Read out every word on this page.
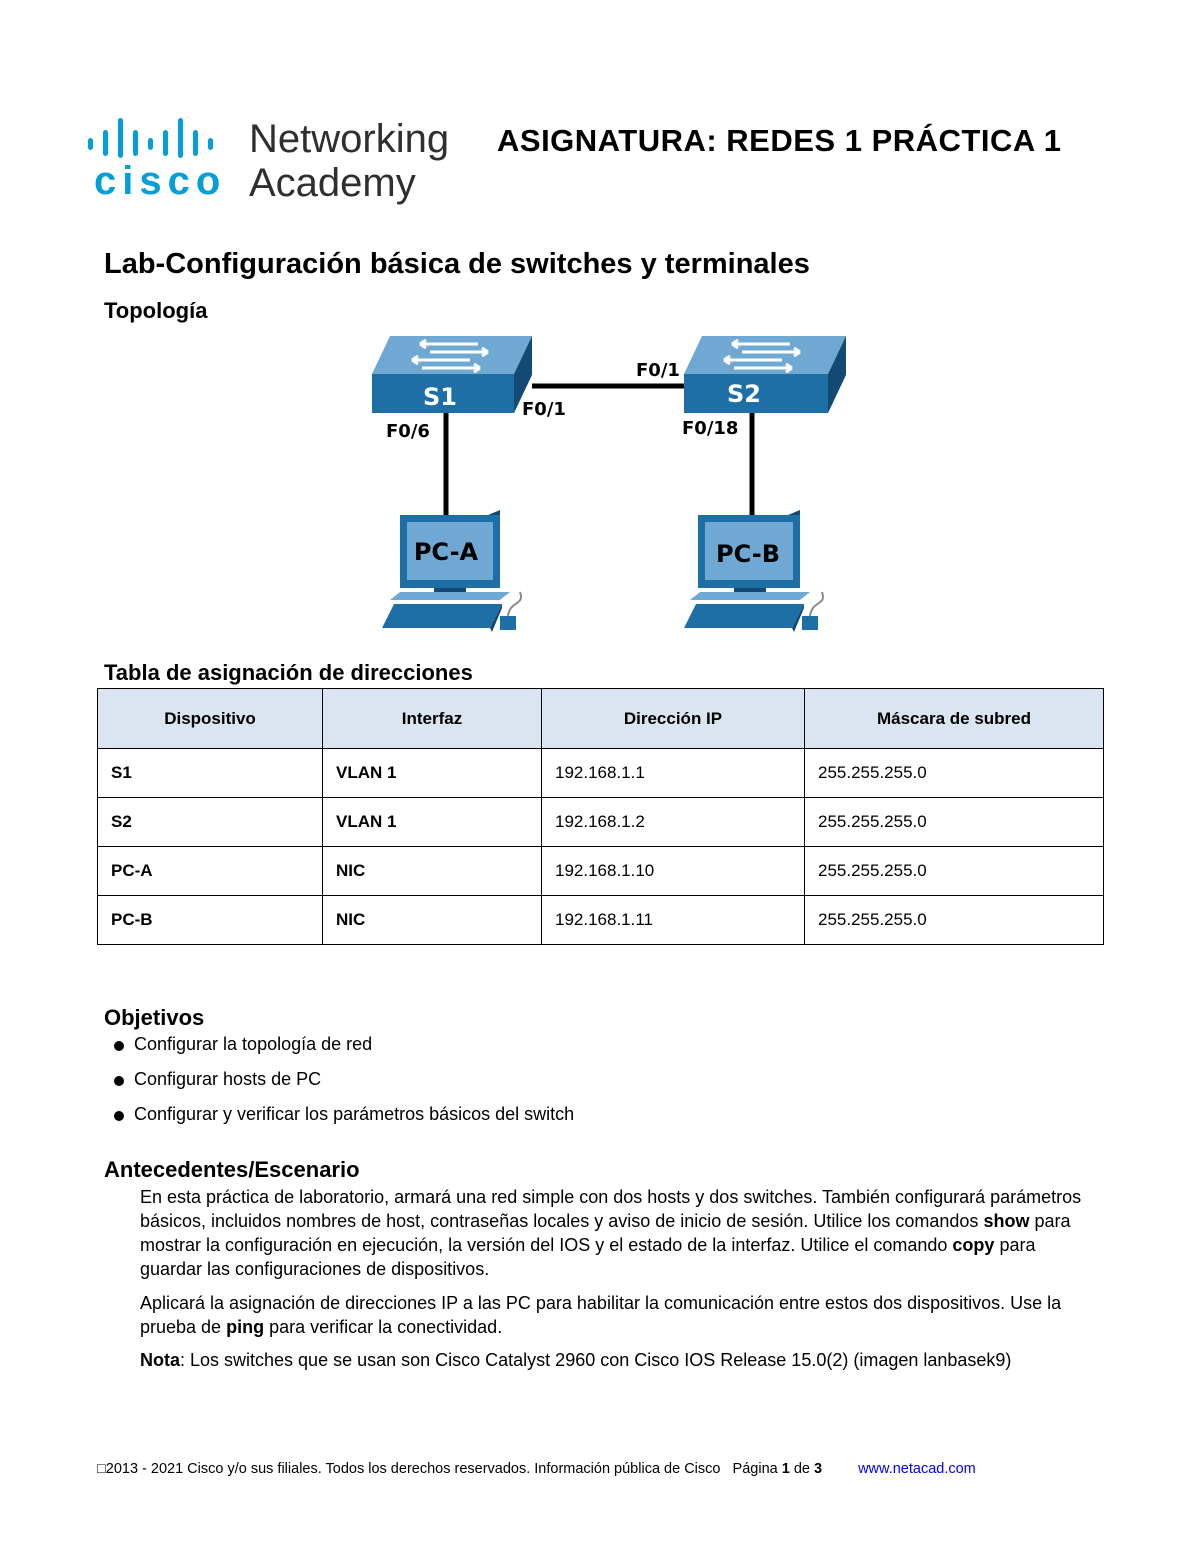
cisco
Networking
Academy
ASIGNATURA: REDES 1 PRÁCTICA 1
Lab-Configuración básica de switches y terminales
Topología
S1	S2
F0/6
F0/1
F0/1
F0/18
PC-A	PC-B
Tabla de asignación de direcciones
Dispositivo	Interfaz	Dirección IP	Máscara de subred
S1	VLAN 1	192.168.1.1	255.255.255.0
S2	VLAN 1	192.168.1.2	255.255.255.0
PC-A	NIC	192.168.1.10	255.255.255.0
PC-B	NIC	192.168.1.11	255.255.255.0
Objetivos
Configurar la topología de red
Configurar hosts de PC
Configurar y verificar los parámetros básicos del switch
Antecedentes/Escenario
En esta práctica de laboratorio, armará una red simple con dos hosts y dos switches. También configurará parámetros básicos, incluidos nombres de host, contraseñas locales y aviso de inicio de sesión. Utilice los comandos show para mostrar la configuración en ejecución, la versión del IOS y el estado de la interfaz. Utilice el comando copy para guardar las configuraciones de dispositivos.
Aplicará la asignación de direcciones IP a las PC para habilitar la comunicación entre estos dos dispositivos. Use la prueba de ping para verificar la conectividad.
Nota: Los switches que se usan son Cisco Catalyst 2960 con Cisco IOS Release 15.0(2) (imagen lanbasek9)
□2013 - 2021 Cisco y/o sus filiales. Todos los derechos reservados. Información pública de Cisco Página 1 de 3 www.netacad.com
